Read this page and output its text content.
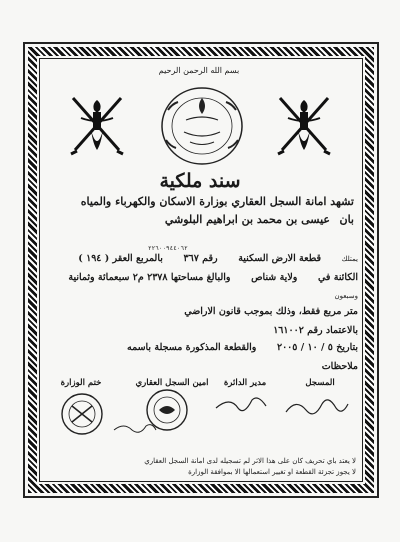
بسم الله الرحمن الرحيم
سند ملكية
تشهد امانة السجل العقاري بوزارة الاسكان والكهرباء والمياه
بان عيسى بن محمد بن ابراهيم البلوشي
٢٢٦٠٠٩٤٤٠٦٢
يمتلك  قطعة الارض السكنية  رقم ٣٦٧  بالمربع العقر ( ١٩٤ )
الكائنة في  ولاية شناص  والبالغ مساحتها ٢٣٧٨ م٢ سبعمائة وثمانية
وسبعون
متر مربع فقط، وذلك بموجب قانون الاراضي
بالاعتماد رقم ١٦١٠٠٢
بتاريخ ٥ / ١٠ / ٢٠٠٥  والقطعة المذكورة مسجلة باسمه
ملاحظات
المسجل
مدير الدائرة
امين السجل العقاري
ختم الوزارة
لا يعتد باي تحريف كان على هذا الاثر لم تسجيله لدى امانة السجل العقاري
لا يجوز تجزئة القطعة او تغيير استعمالها الا بموافقة الوزارة
